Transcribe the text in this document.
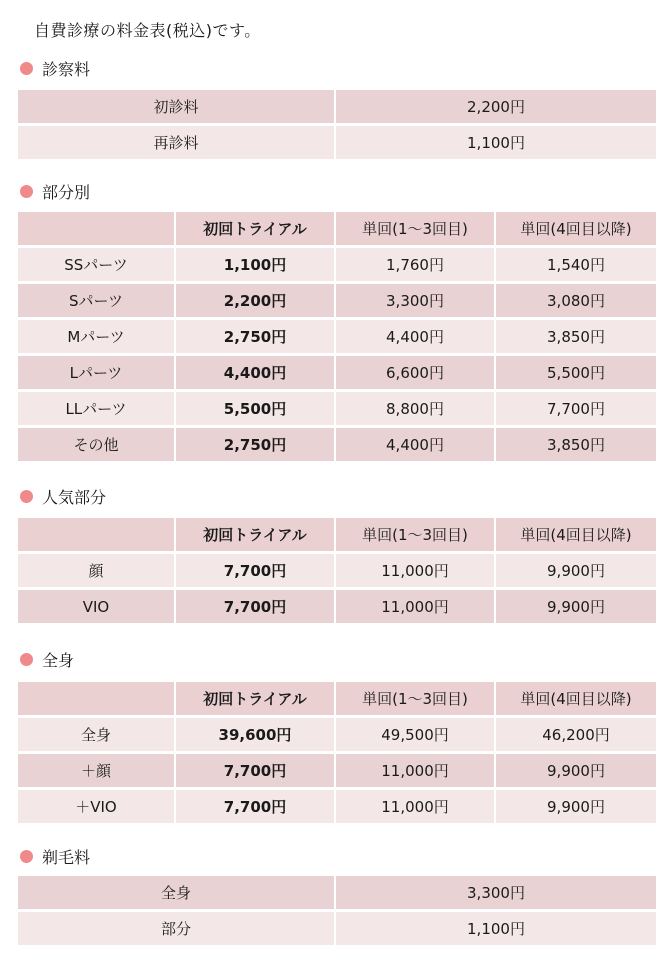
自費診療の料金表(税込)です。
診察料
初診料	2,200円
再診料	1,100円
部分別
	初回トライアル	単回(1～3回目)	単回(4回目以降)
SSパーツ	1,100円	1,760円	1,540円
Sパーツ	2,200円	3,300円	3,080円
Mパーツ	2,750円	4,400円	3,850円
Lパーツ	4,400円	6,600円	5,500円
LLパーツ	5,500円	8,800円	7,700円
その他	2,750円	4,400円	3,850円
人気部分
	初回トライアル	単回(1～3回目)	単回(4回目以降)
顔	7,700円	11,000円	9,900円
VIO	7,700円	11,000円	9,900円
全身
	初回トライアル	単回(1～3回目)	単回(4回目以降)
全身	39,600円	49,500円	46,200円
＋顔	7,700円	11,000円	9,900円
＋VIO	7,700円	11,000円	9,900円
剃毛料
全身	3,300円
部分	1,100円
